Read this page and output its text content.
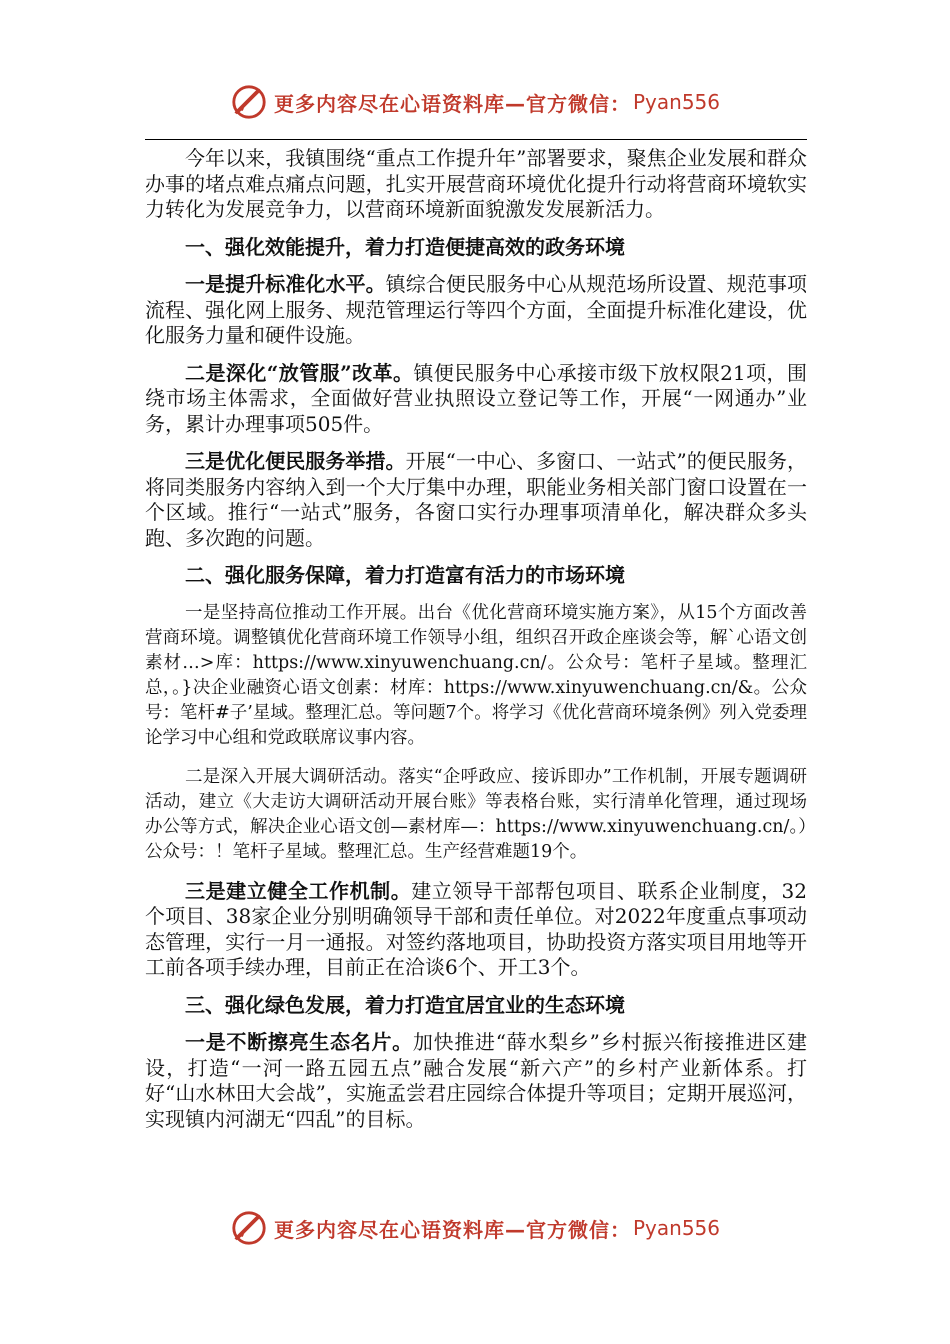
更多内容尽在心语资料库—官方微信： Pyan556

今年以来，我镇围绕“重点工作提升年”部署要求，聚焦企业发展和群众办事的堵点难点痛点问题，扎实开展营商环境优化提升行动将营商环境软实力转化为发展竞争力，以营商环境新面貌激发发展新活力。

一、强化效能提升，着力打造便捷高效的政务环境

一是提升标准化水平。镇综合便民服务中心从规范场所设置、规范事项流程、强化网上服务、规范管理运行等四个方面，全面提升标准化建设，优化服务力量和硬件设施。

二是深化“放管服”改革。镇便民服务中心承接市级下放权限21项，围绕市场主体需求，全面做好营业执照设立登记等工作，开展“一网通办”业务，累计办理事项505件。

三是优化便民服务举措。开展“一中心、多窗口、一站式”的便民服务，将同类服务内容纳入到一个大厅集中办理，职能业务相关部门窗口设置在一个区域。推行“一站式”服务，各窗口实行办理事项清单化，解决群众多头跑、多次跑的问题。

二、强化服务保障，着力打造富有活力的市场环境

一是坚持高位推动工作开展。出台《优化营商环境实施方案》，从15个方面改善营商环境。调整镇优化营商环境工作领导小组，组织召开政企座谈会等，解`心语文创素材…>库：https://www.xinyuwenchuang.cn/。公众号：笔杆子星域。整理汇总，。}决企业融资心语文创素：材库：https://www.xinyuwenchuang.cn/&。公众号：笔杆#子’星域。整理汇总。等问题7个。将学习《优化营商环境条例》列入党委理论学习中心组和党政联席议事内容。

二是深入开展大调研活动。落实“企呼政应、接诉即办”工作机制，开展专题调研活动，建立《大走访大调研活动开展台账》等表格台账，实行清单化管理，通过现场办公等方式，解决企业心语文创—素材库—：https://www.xinyuwenchuang.cn/。）公众号：！笔杆子星域。整理汇总。生产经营难题19个。

三是建立健全工作机制。建立领导干部帮包项目、联系企业制度，32个项目、38家企业分别明确领导干部和责任单位。对2022年度重点事项动态管理，实行一月一通报。对签约落地项目，协助投资方落实项目用地等开工前各项手续办理，目前正在洽谈6个、开工3个。

三、强化绿色发展，着力打造宜居宜业的生态环境

一是不断擦亮生态名片。加快推进“薛水梨乡”乡村振兴衔接推进区建设，打造“一河一路五园五点”融合发展“新六产”的乡村产业新体系。打好“山水林田大会战”，实施孟尝君庄园综合体提升等项目；定期开展巡河，实现镇内河湖无“四乱”的目标。

更多内容尽在心语资料库—官方微信： Pyan556
